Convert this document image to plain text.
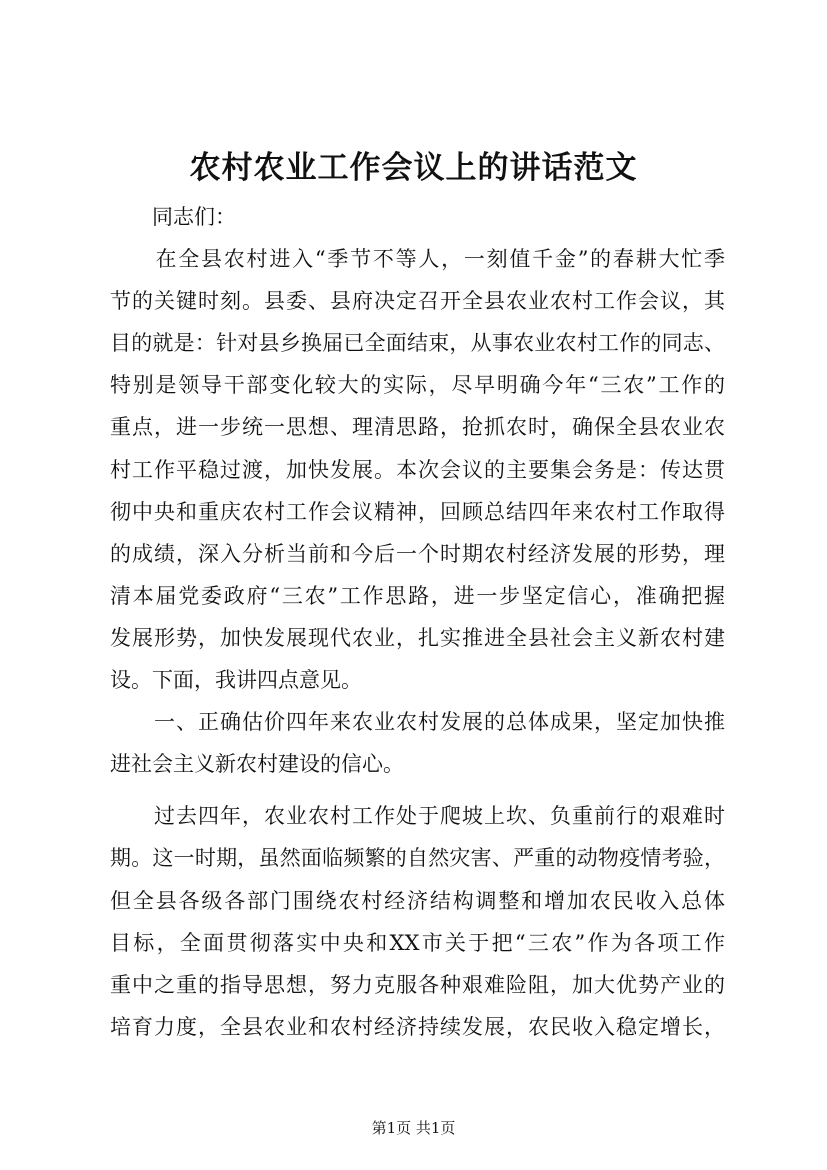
农村农业工作会议上的讲话范文
　　同志们：
　　在全县农村进入“季节不等人，一刻值千金”的春耕大忙季
节的关键时刻。县委、县府决定召开全县农业农村工作会议，其
目的就是：针对县乡换届已全面结束，从事农业农村工作的同志、
特别是领导干部变化较大的实际，尽早明确今年“三农”工作的
重点，进一步统一思想、理清思路，抢抓农时，确保全县农业农
村工作平稳过渡，加快发展。本次会议的主要集会务是：传达贯
彻中央和重庆农村工作会议精神，回顾总结四年来农村工作取得
的成绩，深入分析当前和今后一个时期农村经济发展的形势，理
清本届党委政府“三农”工作思路，进一步坚定信心，准确把握
发展形势，加快发展现代农业，扎实推进全县社会主义新农村建
设。下面，我讲四点意见。
　　一、正确估价四年来农业农村发展的总体成果，坚定加快推
进社会主义新农村建设的信心。
　　过去四年，农业农村工作处于爬坡上坎、负重前行的艰难时
期。这一时期，虽然面临频繁的自然灾害、严重的动物疫情考验，
但全县各级各部门围绕农村经济结构调整和增加农民收入总体
目标，全面贯彻落实中央和XX市关于把“三农”作为各项工作
重中之重的指导思想，努力克服各种艰难险阻，加大优势产业的
培育力度，全县农业和农村经济持续发展，农民收入稳定增长，
第1页 共1页
